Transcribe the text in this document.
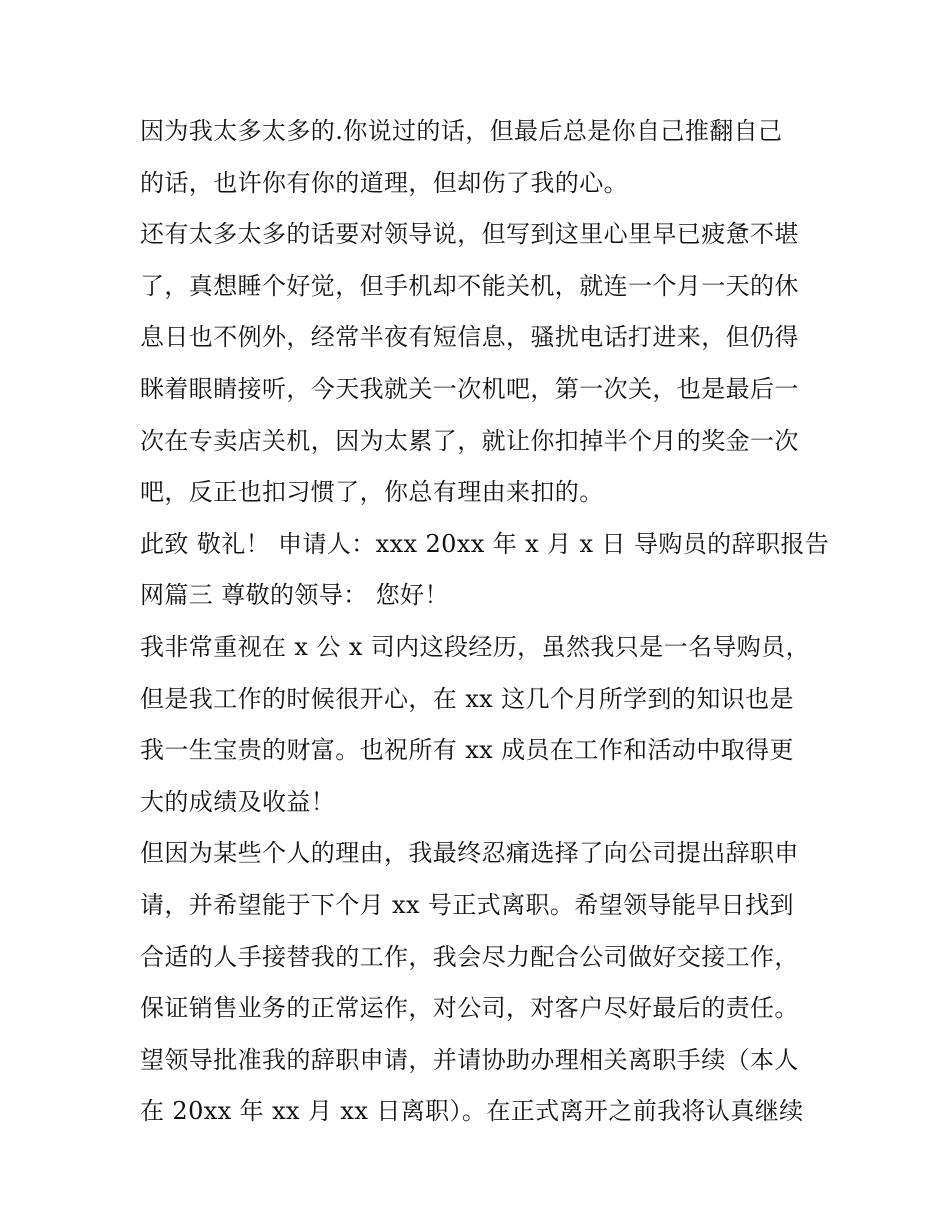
因为我太多太多的.你说过的话，但最后总是你自己推翻自己
的话，也许你有你的道理，但却伤了我的心。
还有太多太多的话要对领导说，但写到这里心里早已疲惫不堪
了，真想睡个好觉，但手机却不能关机，就连一个月一天的休
息日也不例外，经常半夜有短信息，骚扰电话打进来，但仍得
眯着眼睛接听，今天我就关一次机吧，第一次关，也是最后一
次在专卖店关机，因为太累了，就让你扣掉半个月的奖金一次
吧，反正也扣习惯了，你总有理由来扣的。
此致 敬礼！ 申请人：xxx 20xx 年 x 月 x 日 导购员的辞职报告
网篇三 尊敬的领导： 您好！
我非常重视在 x 公 x 司内这段经历，虽然我只是一名导购员，
但是我工作的时候很开心，在 xx 这几个月所学到的知识也是
我一生宝贵的财富。也祝所有 xx 成员在工作和活动中取得更
大的成绩及收益！
但因为某些个人的理由，我最终忍痛选择了向公司提出辞职申
请，并希望能于下个月 xx 号正式离职。希望领导能早日找到
合适的人手接替我的工作，我会尽力配合公司做好交接工作，
保证销售业务的正常运作，对公司，对客户尽好最后的责任。
望领导批准我的辞职申请，并请协助办理相关离职手续（本人
在 20xx 年 xx 月 xx 日离职）。在正式离开之前我将认真继续
